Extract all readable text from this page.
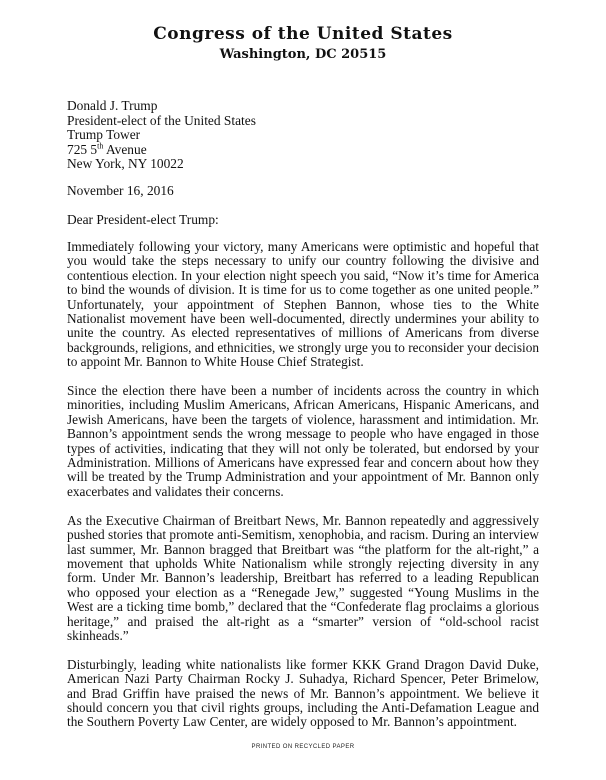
Congress of the United States
Washington, DC 20515
Donald J. Trump
President-elect of the United States
Trump Tower
725 5th Avenue
New York, NY 10022
November 16, 2016
Dear President-elect Trump:

Immediately following your victory, many Americans were optimistic and hopeful that you would take the steps necessary to unify our country following the divisive and contentious election. In your election night speech you said, “Now it’s time for America to bind the wounds of division. It is time for us to come together as one united people.” Unfortunately, your appointment of Stephen Bannon, whose ties to the White Nationalist movement have been well-documented, directly undermines your ability to unite the country. As elected representatives of millions of Americans from diverse backgrounds, religions, and ethnicities, we strongly urge you to reconsider your decision to appoint Mr. Bannon to White House Chief Strategist.

Since the election there have been a number of incidents across the country in which minorities, including Muslim Americans, African Americans, Hispanic Americans, and Jewish Americans, have been the targets of violence, harassment and intimidation. Mr. Bannon’s appointment sends the wrong message to people who have engaged in those types of activities, indicating that they will not only be tolerated, but endorsed by your Administration. Millions of Americans have expressed fear and concern about how they will be treated by the Trump Administration and your appointment of Mr. Bannon only exacerbates and validates their concerns.

As the Executive Chairman of Breitbart News, Mr. Bannon repeatedly and aggressively pushed stories that promote anti-Semitism, xenophobia, and racism. During an interview last summer, Mr. Bannon bragged that Breitbart was “the platform for the alt-right,” a movement that upholds White Nationalism while strongly rejecting diversity in any form. Under Mr. Bannon’s leadership, Breitbart has referred to a leading Republican who opposed your election as a “Renegade Jew,” suggested “Young Muslims in the West are a ticking time bomb,” declared that the “Confederate flag proclaims a glorious heritage,” and praised the alt-right as a “smarter” version of “old-school racist skinheads.”

Disturbingly, leading white nationalists like former KKK Grand Dragon David Duke, American Nazi Party Chairman Rocky J. Suhadya, Richard Spencer, Peter Brimelow, and Brad Griffin have praised the news of Mr. Bannon’s appointment. We believe it should concern you that civil rights groups, including the Anti-Defamation League and the Southern Poverty Law Center, are widely opposed to Mr. Bannon’s appointment.

PRINTED ON RECYCLED PAPER
